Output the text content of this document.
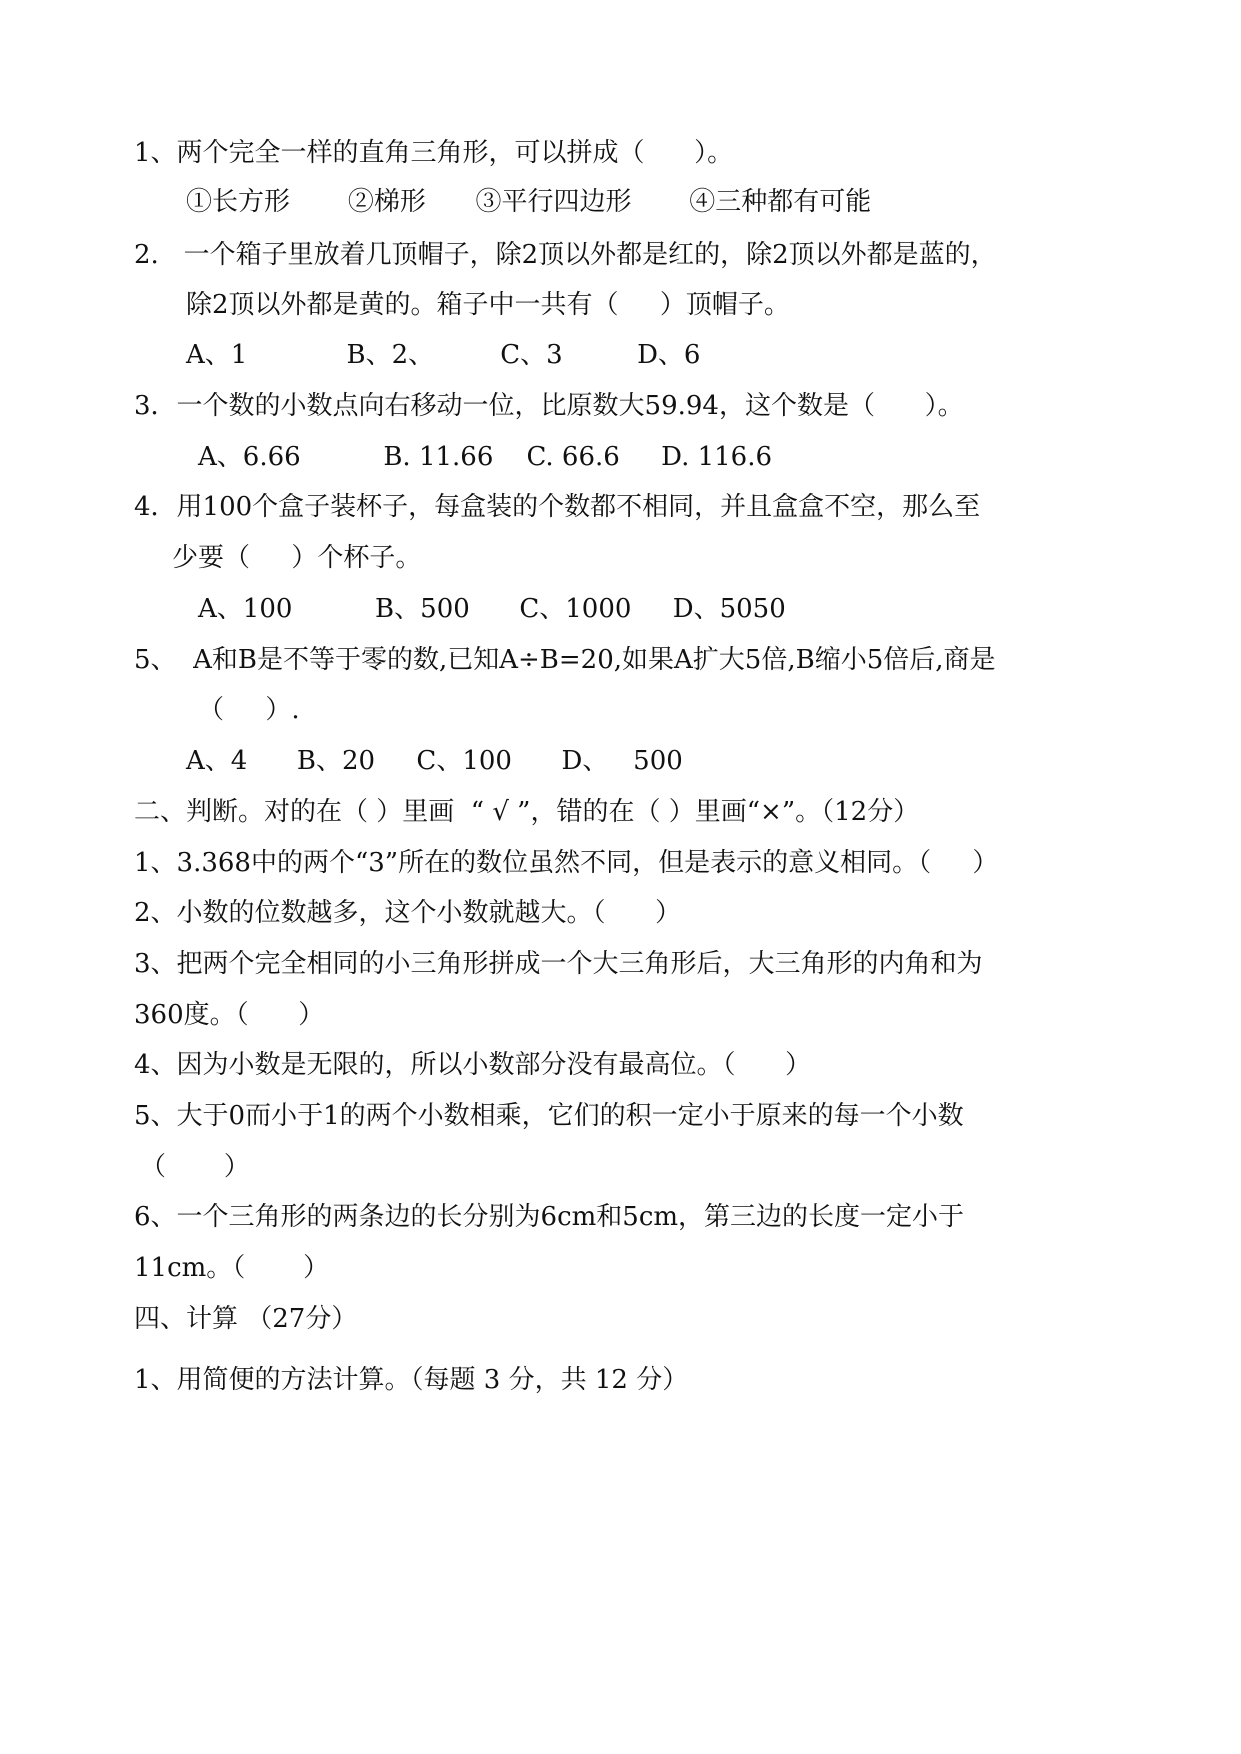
1、两个完全一样的直角三角形，可以拼成（      ）。
①长方形       ②梯形      ③平行四边形       ④三种都有可能
2.   一个箱子里放着几顶帽子，除2顶以外都是红的，除2顶以外都是蓝的，
除2顶以外都是黄的。箱子中一共有（     ）顶帽子。
A、1            B、2、        C、3         D、6
3．一个数的小数点向右移动一位，比原数大59.94，这个数是（      ）。
A、6.66          B. 11.66    C. 66.6     D. 116.6
4．用100个盒子装杯子，每盒装的个数都不相同，并且盒盒不空，那么至
少要（     ）个杯子。
A、100          B、500      C、1000     D、5050
5、  A和B是不等于零的数,已知A÷B=20,如果A扩大5倍,B缩小5倍后,商是
（     ）.
A、4      B、20     C、100      D、   500
二、判断。对的在（ ）里画  “ √ ”，错的在（ ）里画“×”。（12分）
1、3.368中的两个“3”所在的数位虽然不同，但是表示的意义相同。（     ）
2、小数的位数越多，这个小数就越大。（      ）
3、把两个完全相同的小三角形拼成一个大三角形后，大三角形的内角和为
360度。（      ）
4、因为小数是无限的，所以小数部分没有最高位。（      ）
5、大于0而小于1的两个小数相乘，它们的积一定小于原来的每一个小数
（       ）
6、一个三角形的两条边的长分别为6cm和5cm，第三边的长度一定小于
11cm。（       ）
四、计算 （27分）
1、用简便的方法计算。（每题 3 分，共 12 分）
